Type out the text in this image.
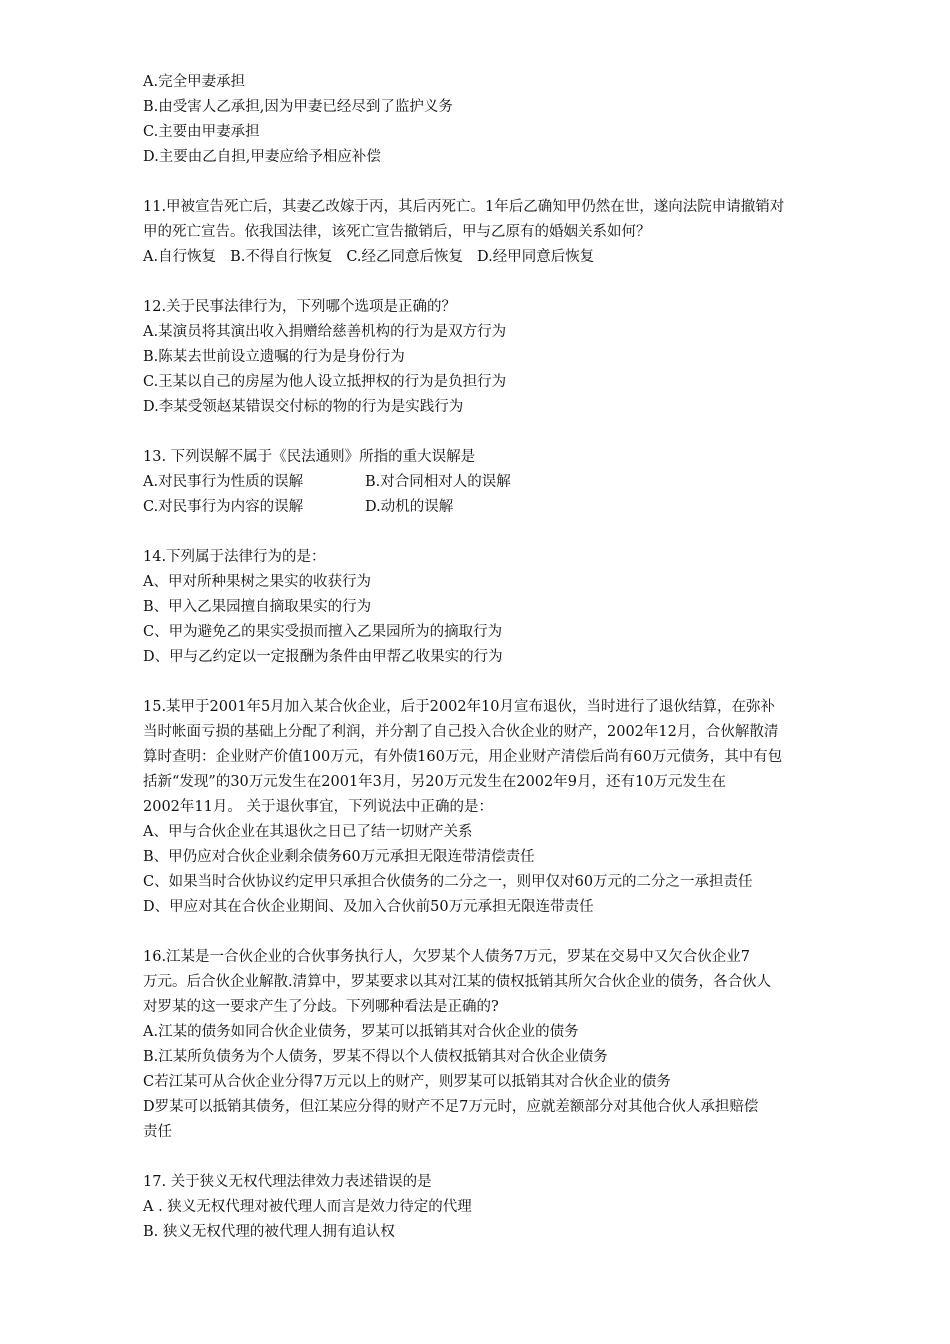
A.完全甲妻承担
B.由受害人乙承担,因为甲妻已经尽到了监护义务
C.主要由甲妻承担
D.主要由乙自担,甲妻应给予相应补偿
11.甲被宣告死亡后，其妻乙改嫁于丙，其后丙死亡。1年后乙确知甲仍然在世，遂向法院申请撤销对
甲的死亡宣告。依我国法律，该死亡宣告撤销后，甲与乙原有的婚姻关系如何？
A.自行恢复 B.不得自行恢复 C.经乙同意后恢复 D.经甲同意后恢复
12.关于民事法律行为，下列哪个选项是正确的？
A.某演员将其演出收入捐赠给慈善机构的行为是双方行为
B.陈某去世前设立遗嘱的行为是身份行为
C.王某以自己的房屋为他人设立抵押权的行为是负担行为
D.李某受领赵某错误交付标的物的行为是实践行为
13. 下列误解不属于《民法通则》所指的重大误解是
A.对民事行为性质的误解	B.对合同相对人的误解
C.对民事行为内容的误解	D.动机的误解
14.下列属于法律行为的是：
A、甲对所种果树之果实的收获行为
B、甲入乙果园擅自摘取果实的行为
C、甲为避免乙的果实受损而擅入乙果园所为的摘取行为
D、甲与乙约定以一定报酬为条件由甲帮乙收果实的行为
15.某甲于2001年5月加入某合伙企业，后于2002年10月宣布退伙，当时进行了退伙结算，在弥补
当时帐面亏损的基础上分配了利润，并分割了自己投入合伙企业的财产，2002年12月，合伙解散清
算时查明：企业财产价值100万元，有外债160万元，用企业财产清偿后尚有60万元债务，其中有包
括新“发现”的30万元发生在2001年3月，另20万元发生在2002年9月，还有10万元发生在
2002年11月。 关于退伙事宜，下列说法中正确的是：
A、甲与合伙企业在其退伙之日已了结一切财产关系
B、甲仍应对合伙企业剩余债务60万元承担无限连带清偿责任
C、如果当时合伙协议约定甲只承担合伙债务的二分之一，则甲仅对60万元的二分之一承担责任
D、甲应对其在合伙企业期间、及加入合伙前50万元承担无限连带责任
16.江某是一合伙企业的合伙事务执行人，欠罗某个人债务7万元，罗某在交易中又欠合伙企业7
万元。后合伙企业解散.清算中，罗某要求以其对江某的债权抵销其所欠合伙企业的债务，各合伙人
对罗某的这一要求产生了分歧。下列哪种看法是正确的?
A.江某的债务如同合伙企业债务，罗某可以抵销其对合伙企业的债务
B.江某所负债务为个人债务，罗某不得以个人债权抵销其对合伙企业债务
C若江某可从合伙企业分得7万元以上的财产，则罗某可以抵销其对合伙企业的债务
D罗某可以抵销其债务，但江某应分得的财产不足7万元时，应就差额部分对其他合伙人承担赔偿
责任
17. 关于狭义无权代理法律效力表述错误的是
A . 狭义无权代理对被代理人而言是效力待定的代理
B. 狭义无权代理的被代理人拥有追认权
